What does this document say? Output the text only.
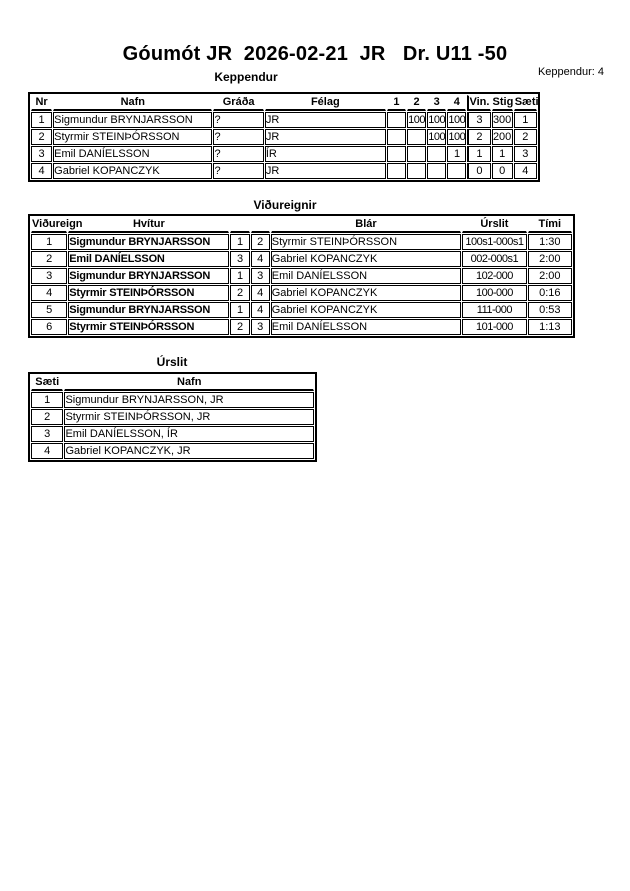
Góumót JR  2026-02-21  JR   Dr. U11 -50
Keppendur: 4
Keppendur
Nr	Nafn	Gráða	Félag	1	2	3	4	Vin.	Stig	Sæti
1	Sigmundur BRYNJARSSON	?	JR		100	100	100	3	300	1
2	Styrmir STEINÞÓRSSON	?	JR			100	100	2	200	2
3	Emil DANÍELSSON	?	ÍR				1	1	1	3
4	Gabriel KOPANCZYK	?	JR					0	0	4
Viðureignir
Viðureign	Hvítur			Blár	Úrslit	Tími
1	Sigmundur BRYNJARSSON	1	2	Styrmir STEINÞÓRSSON	100s1-000s1	1:30
2	Emil DANÍELSSON	3	4	Gabriel KOPANCZYK	002-000s1	2:00
3	Sigmundur BRYNJARSSON	1	3	Emil DANÍELSSON	102-000	2:00
4	Styrmir STEINÞÓRSSON	2	4	Gabriel KOPANCZYK	100-000	0:16
5	Sigmundur BRYNJARSSON	1	4	Gabriel KOPANCZYK	111-000	0:53
6	Styrmir STEINÞÓRSSON	2	3	Emil DANÍELSSON	101-000	1:13
Úrslit
Sæti	Nafn
1	Sigmundur BRYNJARSSON, JR
2	Styrmir STEINÞÓRSSON, JR
3	Emil DANÍELSSON, ÍR
4	Gabriel KOPANCZYK, JR
